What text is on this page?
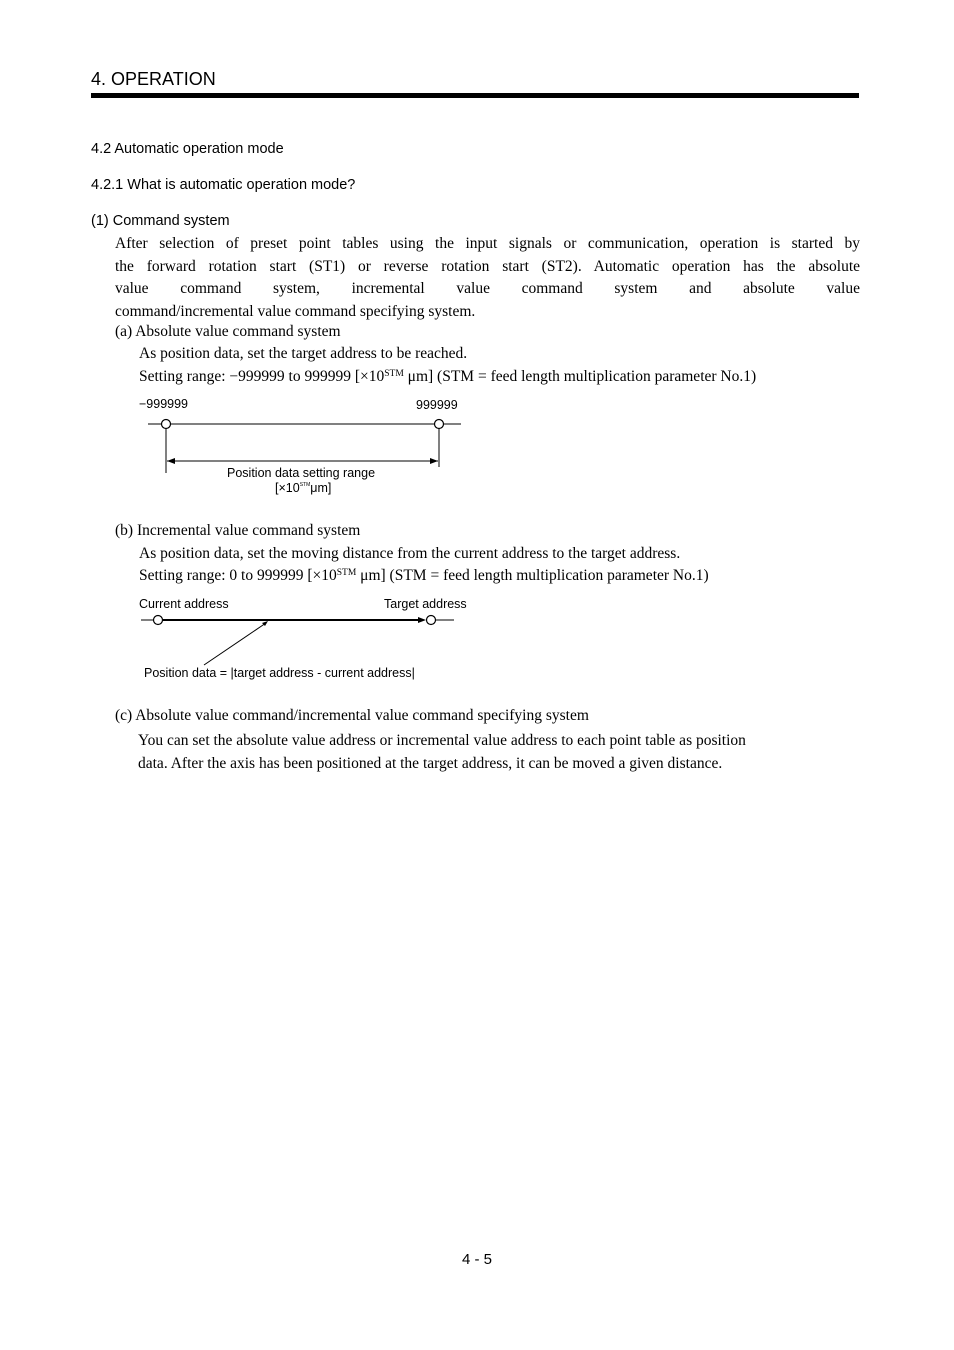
4. OPERATION
4.2 Automatic operation mode
4.2.1 What is automatic operation mode?
(1) Command system
After selection of preset point tables using the input signals or communication, operation is started by
the forward rotation start (ST1) or reverse rotation start (ST2). Automatic operation has the absolute
value command system, incremental value command system and absolute value
command/incremental value command specifying system.
(a) Absolute value command system
As position data, set the target address to be reached.
Setting range: −999999 to 999999 [$\times 10^{STM}$ μm] (STM = feed length multiplication parameter No.1)
−999999	999999
Position data setting range
$[\times 10^{STM}\mu m]$
(b) Incremental value command system
As position data, set the moving distance from the current address to the target address.
Setting range: 0 to 999999 [$\times 10^{STM}$ μm] (STM = feed length multiplication parameter No.1)
Current address	Target address
Position data = |target address - current address|
(c) Absolute value command/incremental value command specifying system
You can set the absolute value address or incremental value address to each point table as position
data. After the axis has been positioned at the target address, it can be moved a given distance.
4 - 5
